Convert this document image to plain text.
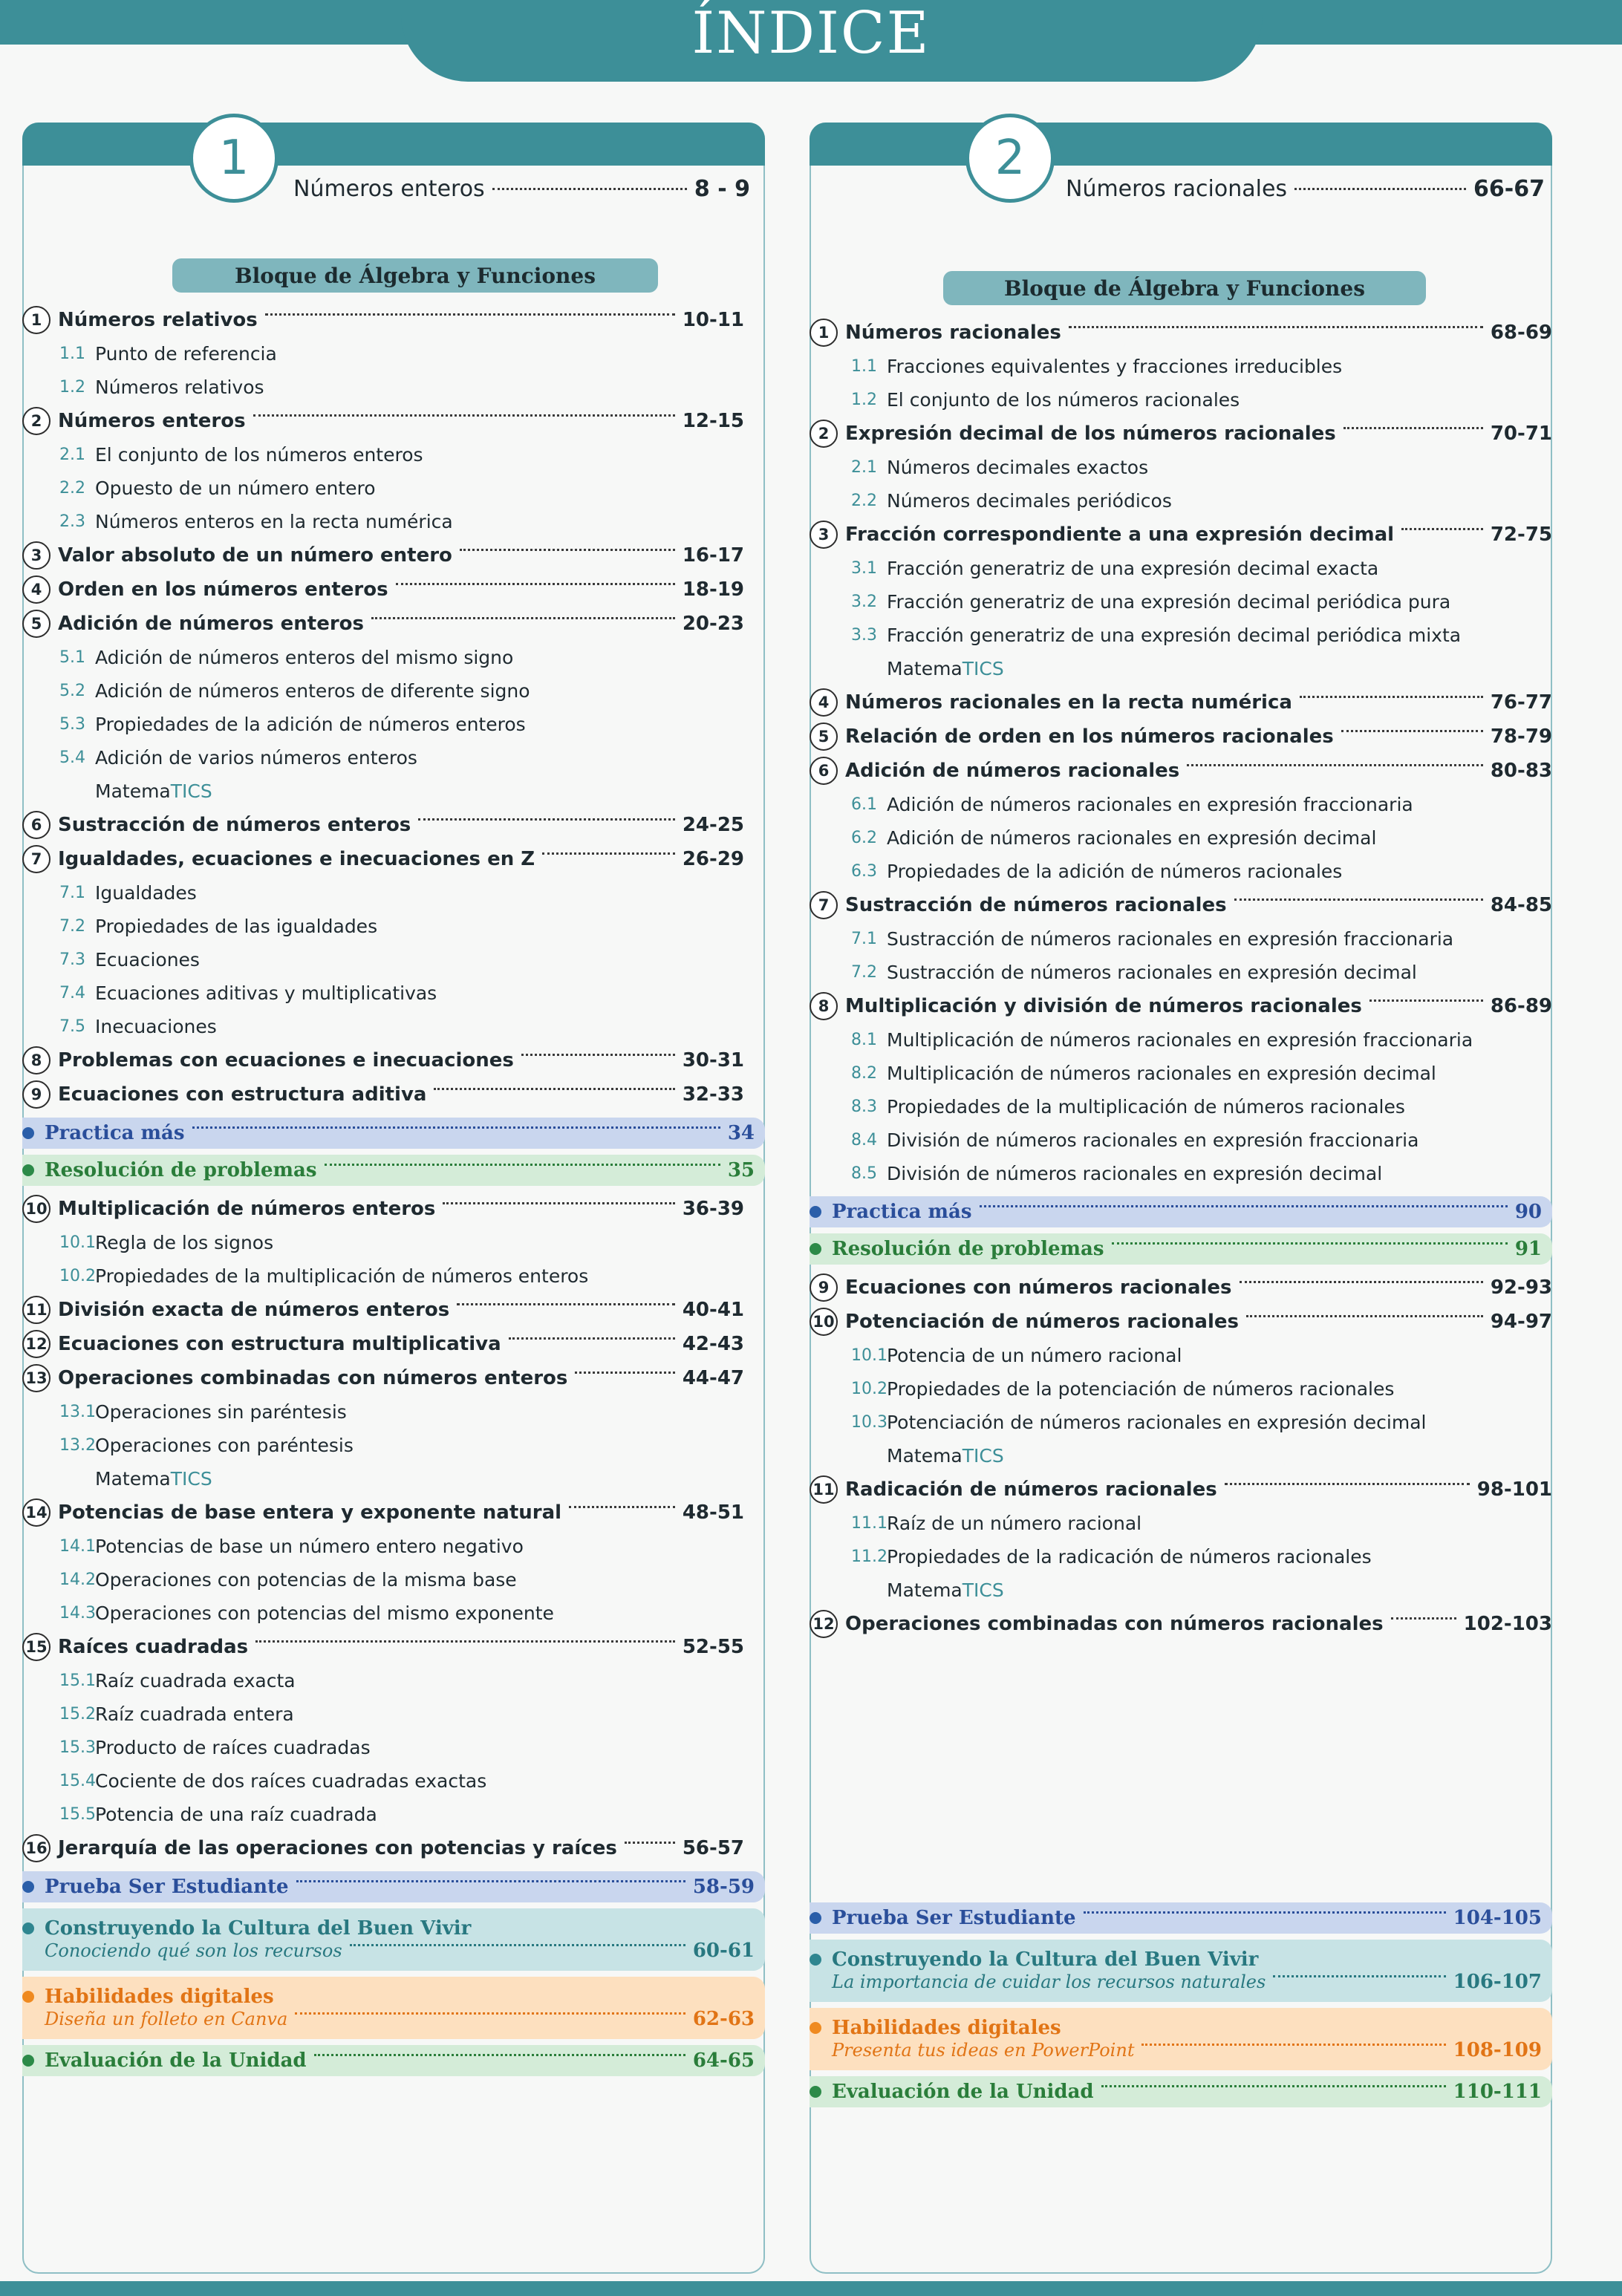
ÍNDICE
1
Números enteros	8 - 9
Bloque de Álgebra y Funciones
1 Números relativos	10-11
1.1 Punto de referencia
1.2 Números relativos
2 Números enteros	12-15
2.1 El conjunto de los números enteros
2.2 Opuesto de un número entero
2.3 Números enteros en la recta numérica
3 Valor absoluto de un número entero	16-17
4 Orden en los números enteros	18-19
5 Adición de números enteros	20-23
5.1 Adición de números enteros del mismo signo
5.2 Adición de números enteros de diferente signo
5.3 Propiedades de la adición de números enteros
5.4 Adición de varios números enteros
Matema TICS
6 Sustracción de números enteros	24-25
7 Igualdades, ecuaciones e inecuaciones en Z	26-29
7.1 Igualdades
7.2 Propiedades de las igualdades
7.3 Ecuaciones
7.4 Ecuaciones aditivas y multiplicativas
7.5 Inecuaciones
8 Problemas con ecuaciones e inecuaciones	30-31
9 Ecuaciones con estructura aditiva	32-33
Practica más	34
Resolución de problemas	35
10 Multiplicación de números enteros	36-39
10.1 Regla de los signos
10.2 Propiedades de la multiplicación de números enteros
11 División exacta de números enteros	40-41
12 Ecuaciones con estructura multiplicativa	42-43
13 Operaciones combinadas con números enteros	44-47
13.1 Operaciones sin paréntesis
13.2 Operaciones con paréntesis
Matema TICS
14 Potencias de base entera y exponente natural	48-51
14.1 Potencias de base un número entero negativo
14.2 Operaciones con potencias de la misma base
14.3 Operaciones con potencias del mismo exponente
15 Raíces cuadradas	52-55
15.1 Raíz cuadrada exacta
15.2 Raíz cuadrada entera
15.3 Producto de raíces cuadradas
15.4 Cociente de dos raíces cuadradas exactas
15.5 Potencia de una raíz cuadrada
16 Jerarquía de las operaciones con potencias y raíces	56-57
Prueba Ser Estudiante	58-59
Construyendo la Cultura del Buen Vivir
Conociendo qué son los recursos	60-61
Habilidades digitales
Diseña un folleto en Canva	62-63
Evaluación de la Unidad	64-65
2
Números racionales	66-67
Bloque de Álgebra y Funciones
1 Números racionales	68-69
1.1 Fracciones equivalentes y fracciones irreducibles
1.2 El conjunto de los números racionales
2 Expresión decimal de los números racionales	70-71
2.1 Números decimales exactos
2.2 Números decimales periódicos
3 Fracción correspondiente a una expresión decimal	72-75
3.1 Fracción generatriz de una expresión decimal exacta
3.2 Fracción generatriz de una expresión decimal periódica pura
3.3 Fracción generatriz de una expresión decimal periódica mixta
Matema TICS
4 Números racionales en la recta numérica	76-77
5 Relación de orden en los números racionales	78-79
6 Adición de números racionales	80-83
6.1 Adición de números racionales en expresión fraccionaria
6.2 Adición de números racionales en expresión decimal
6.3 Propiedades de la adición de números racionales
7 Sustracción de números racionales	84-85
7.1 Sustracción de números racionales en expresión fraccionaria
7.2 Sustracción de números racionales en expresión decimal
8 Multiplicación y división de números racionales	86-89
8.1 Multiplicación de números racionales en expresión fraccionaria
8.2 Multiplicación de números racionales en expresión decimal
8.3 Propiedades de la multiplicación de números racionales
8.4 División de números racionales en expresión fraccionaria
8.5 División de números racionales en expresión decimal
Practica más	90
Resolución de problemas	91
9 Ecuaciones con números racionales	92-93
10 Potenciación de números racionales	94-97
10.1 Potencia de un número racional
10.2 Propiedades de la potenciación de números racionales
10.3 Potenciación de números racionales en expresión decimal
Matema TICS
11 Radicación de números racionales	98-101
11.1 Raíz de un número racional
11.2 Propiedades de la radicación de números racionales
Matema TICS
12 Operaciones combinadas con números racionales	102-103
Prueba Ser Estudiante	104-105
Construyendo la Cultura del Buen Vivir
La importancia de cuidar los recursos naturales	106-107
Habilidades digitales
Presenta tus ideas en PowerPoint	108-109
Evaluación de la Unidad	110-111
